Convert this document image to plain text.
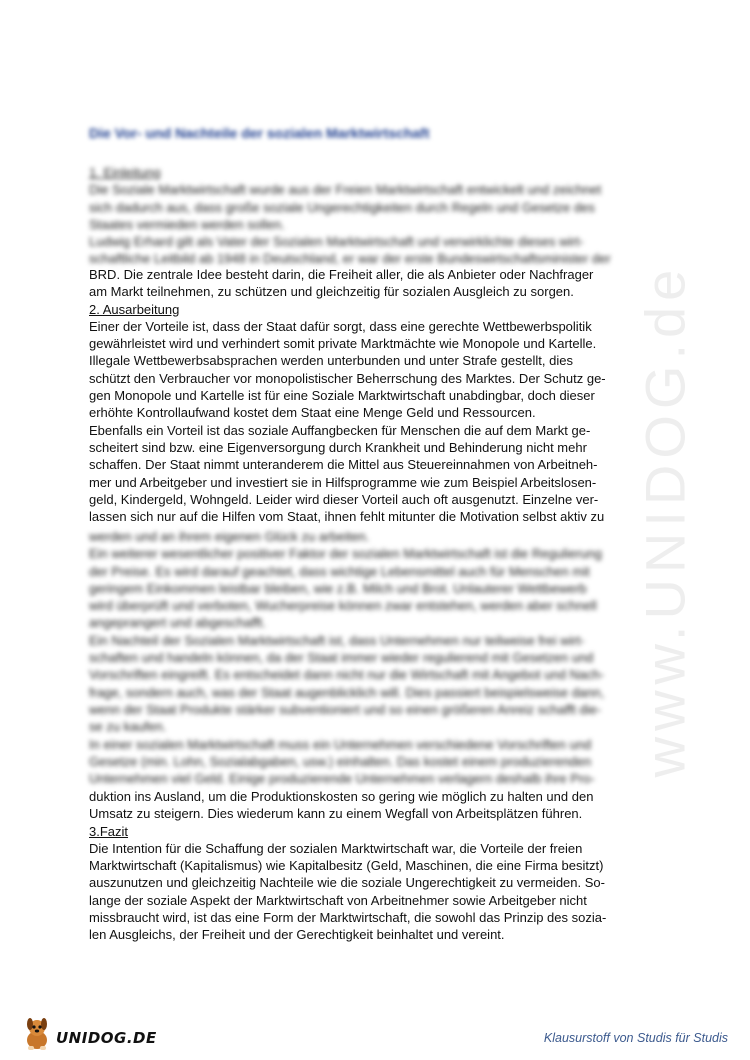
www.UNIDOG.de
Die Vor- und Nachteile der sozialen Marktwirtschaft
1. Einleitung
Die Soziale Marktwirtschaft wurde aus der Freien Marktwirtschaft entwickelt und zeichnet
sich dadurch aus, dass große soziale Ungerechtigkeiten durch Regeln und Gesetze des
Staates vermieden werden sollen.
Ludwig Erhard gilt als Vater der Sozialen Marktwirtschaft und verwirklichte dieses wirt-
schaftliche Leitbild ab 1948 in Deutschland, er war der erste Bundeswirtschaftsminister der
BRD. Die zentrale Idee besteht darin, die Freiheit aller, die als Anbieter oder Nachfrager
am Markt teilnehmen, zu schützen und gleichzeitig für sozialen Ausgleich zu sorgen.
2. Ausarbeitung
Einer der Vorteile ist, dass der Staat dafür sorgt, dass eine gerechte Wettbewerbspolitik
gewährleistet wird und verhindert somit private Marktmächte wie Monopole und Kartelle.
Illegale Wettbewerbsabsprachen werden unterbunden und unter Strafe gestellt, dies
schützt den Verbraucher vor monopolistischer Beherrschung des Marktes. Der Schutz ge-
gen Monopole und Kartelle ist für eine Soziale Marktwirtschaft unabdingbar, doch dieser
erhöhte Kontrollaufwand kostet dem Staat eine Menge Geld und Ressourcen.
Ebenfalls ein Vorteil ist das soziale Auffangbecken für Menschen die auf dem Markt ge-
scheitert sind bzw. eine Eigenversorgung durch Krankheit und Behinderung nicht mehr
schaffen. Der Staat nimmt unteranderem die Mittel aus Steuereinnahmen von Arbeitneh-
mer und Arbeitgeber und investiert sie in Hilfsprogramme wie zum Beispiel Arbeitslosen-
geld, Kindergeld, Wohngeld. Leider wird dieser Vorteil auch oft ausgenutzt. Einzelne ver-
lassen sich nur auf die Hilfen vom Staat, ihnen fehlt mitunter die Motivation selbst aktiv zu
werden und an ihrem eigenen Glück zu arbeiten.
Ein weiterer wesentlicher positiver Faktor der sozialen Marktwirtschaft ist die Regulierung
der Preise. Es wird darauf geachtet, dass wichtige Lebensmittel auch für Menschen mit
geringem Einkommen leistbar bleiben, wie z.B. Milch und Brot. Unlauterer Wettbewerb
wird überprüft und verboten, Wucherpreise können zwar entstehen, werden aber schnell
angeprangert und abgeschafft.
Ein Nachteil der Sozialen Marktwirtschaft ist, dass Unternehmen nur teilweise frei wirt-
schaften und handeln können, da der Staat immer wieder regulierend mit Gesetzen und
Vorschriften eingreift. Es entscheidet dann nicht nur die Wirtschaft mit Angebot und Nach-
frage, sondern auch, was der Staat augenblicklich will. Dies passiert beispielsweise dann,
wenn der Staat Produkte stärker subventioniert und so einen größeren Anreiz schafft die-
se zu kaufen.
In einer sozialen Marktwirtschaft muss ein Unternehmen verschiedene Vorschriften und
Gesetze (min. Lohn, Sozialabgaben, usw.) einhalten. Das kostet einem produzierenden
Unternehmen viel Geld. Einige produzierende Unternehmen verlagern deshalb ihre Pro-
duktion ins Ausland, um die Produktionskosten so gering wie möglich zu halten und den
Umsatz zu steigern. Dies wiederum kann zu einem Wegfall von Arbeitsplätzen führen.
3.Fazit
Die Intention für die Schaffung der sozialen Marktwirtschaft war, die Vorteile der freien
Marktwirtschaft (Kapitalismus) wie Kapitalbesitz (Geld, Maschinen, die eine Firma besitzt)
auszunutzen und gleichzeitig Nachteile wie die soziale Ungerechtigkeit zu vermeiden. So-
lange der soziale Aspekt der Marktwirtschaft von Arbeitnehmer sowie Arbeitgeber nicht
missbraucht wird, ist das eine Form der Marktwirtschaft, die sowohl das Prinzip des sozia-
len Ausgleichs, der Freiheit und der Gerechtigkeit beinhaltet und vereint.
UNIDOG.DE	Klausurstoff von Studis für Studis
